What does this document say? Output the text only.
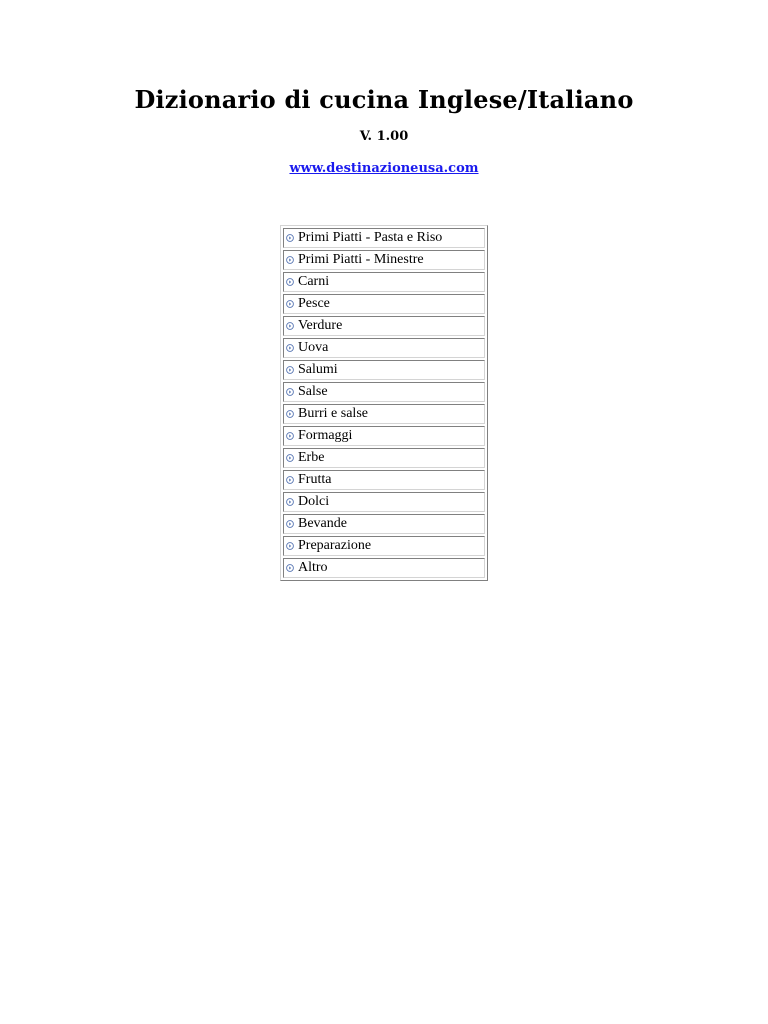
Dizionario di cucina Inglese/Italiano
V. 1.00
www.destinazioneusa.com
Primi Piatti - Pasta e Riso
Primi Piatti - Minestre
Carni
Pesce
Verdure
Uova
Salumi
Salse
Burri e salse
Formaggi
Erbe
Frutta
Dolci
Bevande
Preparazione
Altro
